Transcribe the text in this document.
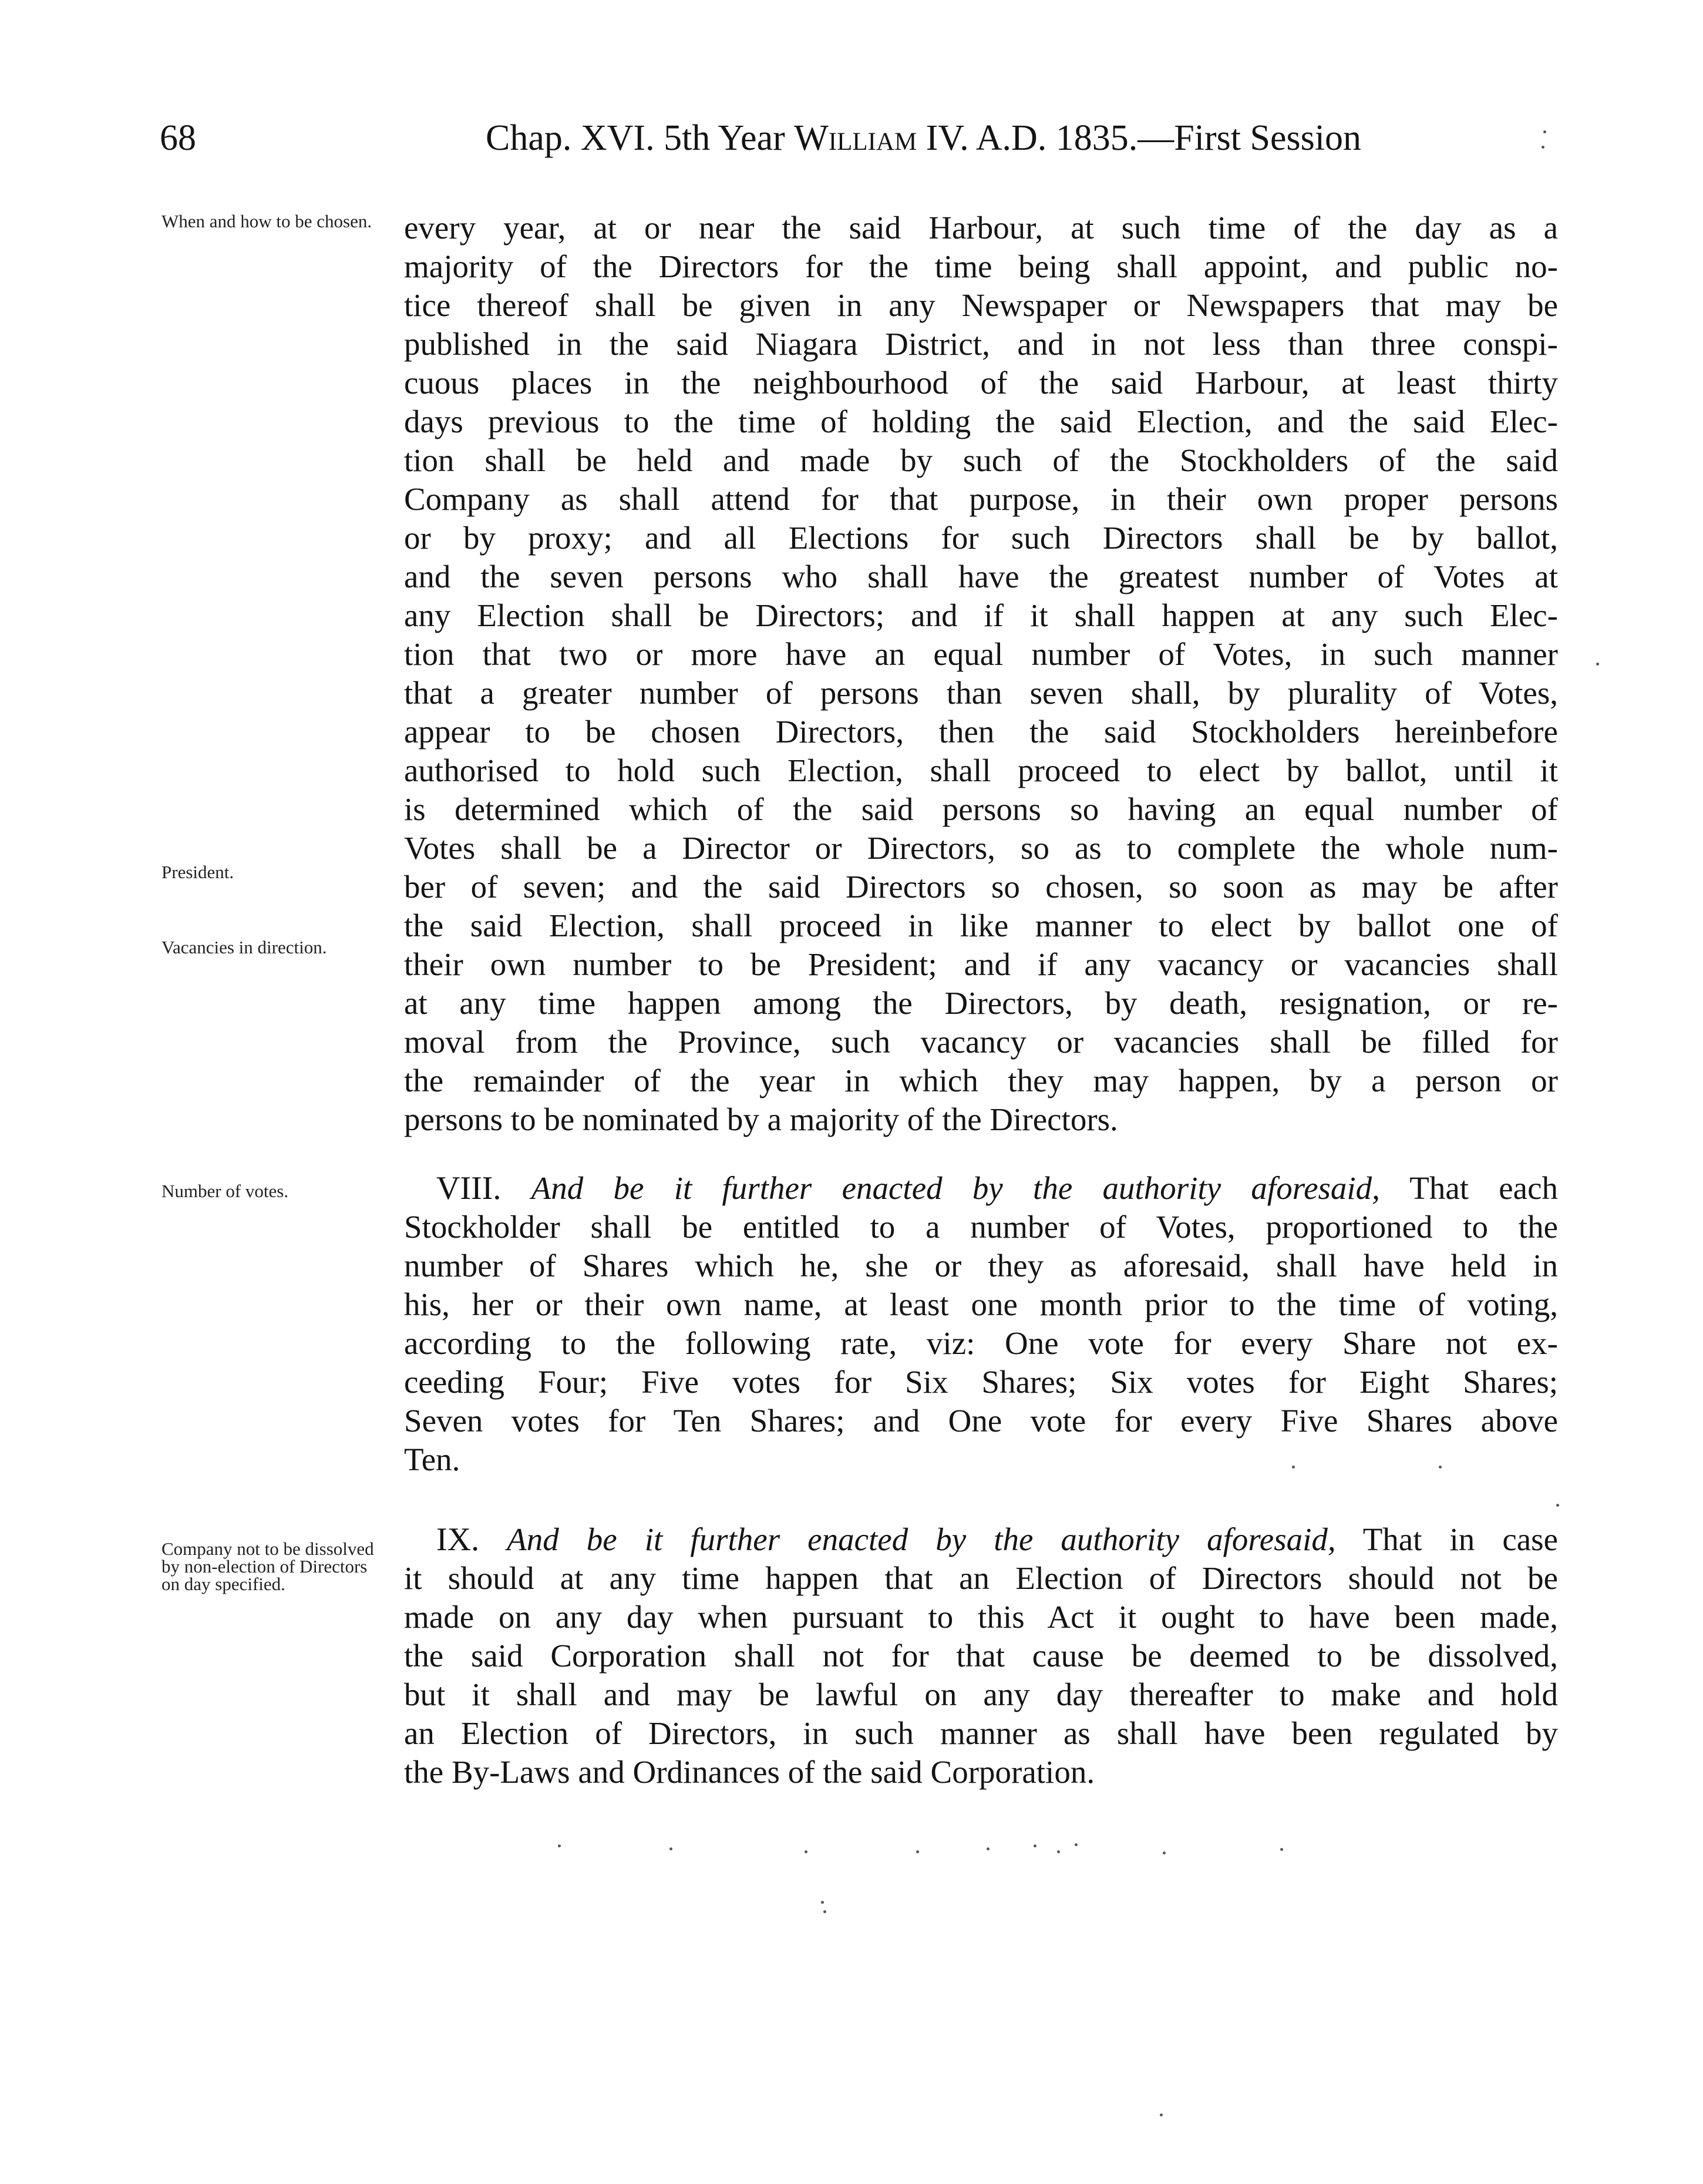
68	Chap. XVI. 5th Year William IV. A.D. 1835.—First Session
When and how to be chosen.
President.
Vacancies in direction.
Number of votes.
Company not to be dissolved by non-election of Directors on day specified.
every year, at or near the said Harbour, at such time of the day as a
majority of the Directors for the time being shall appoint, and public no-
tice thereof shall be given in any Newspaper or Newspapers that may be
published in the said Niagara District, and in not less than three conspi-
cuous places in the neighbourhood of the said Harbour, at least thirty
days previous to the time of holding the said Election, and the said Elec-
tion shall be held and made by such of the Stockholders of the said
Company as shall attend for that purpose, in their own proper persons
or by proxy; and all Elections for such Directors shall be by ballot,
and the seven persons who shall have the greatest number of Votes at
any Election shall be Directors; and if it shall happen at any such Elec-
tion that two or more have an equal number of Votes, in such manner
that a greater number of persons than seven shall, by plurality of Votes,
appear to be chosen Directors, then the said Stockholders hereinbefore
authorised to hold such Election, shall proceed to elect by ballot, until it
is determined which of the said persons so having an equal number of
Votes shall be a Director or Directors, so as to complete the whole num-
ber of seven; and the said Directors so chosen, so soon as may be after
the said Election, shall proceed in like manner to elect by ballot one of
their own number to be President; and if any vacancy or vacancies shall
at any time happen among the Directors, by death, resignation, or re-
moval from the Province, such vacancy or vacancies shall be filled for
the remainder of the year in which they may happen, by a person or
persons to be nominated by a majority of the Directors.
VIII. And be it further enacted by the authority aforesaid, That each
Stockholder shall be entitled to a number of Votes, proportioned to the
number of Shares which he, she or they as aforesaid, shall have held in
his, her or their own name, at least one month prior to the time of voting,
according to the following rate, viz: One vote for every Share not ex-
ceeding Four; Five votes for Six Shares; Six votes for Eight Shares;
Seven votes for Ten Shares; and One vote for every Five Shares above
Ten.
IX. And be it further enacted by the authority aforesaid, That in case
it should at any time happen that an Election of Directors should not be
made on any day when pursuant to this Act it ought to have been made,
the said Corporation shall not for that cause be deemed to be dissolved,
but it shall and may be lawful on any day thereafter to make and hold
an Election of Directors, in such manner as shall have been regulated by
the By-Laws and Ordinances of the said Corporation.
